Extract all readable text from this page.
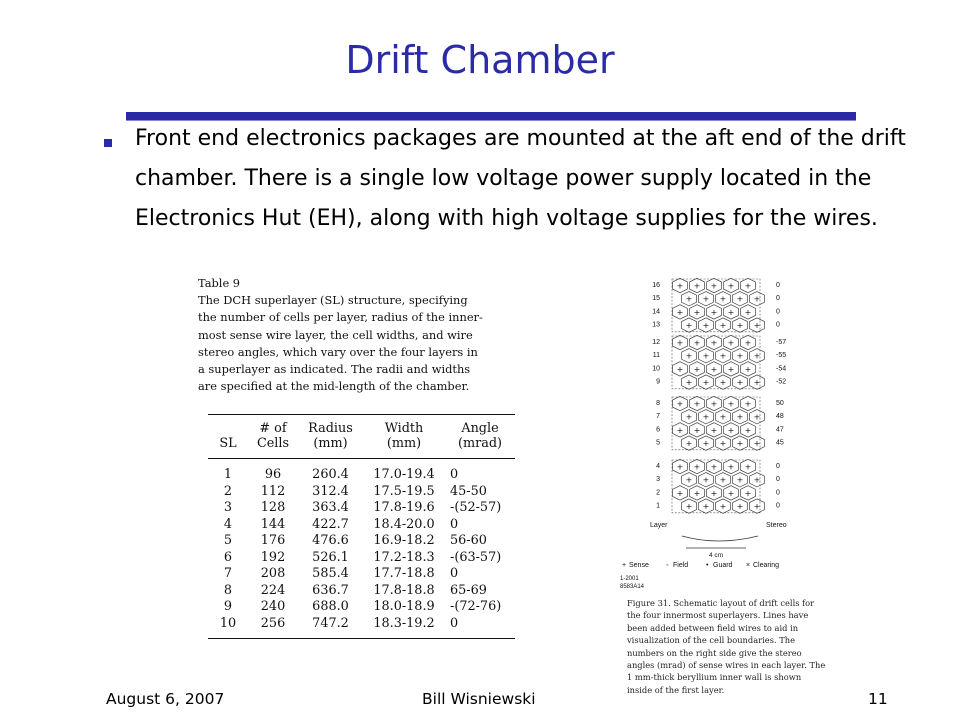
Drift Chamber
Front end electronics packages are mounted at the aft end of the drift chamber. There is a single low voltage power supply located in the Electronics Hut (EH), along with high voltage supplies for the wires.
Table 9
The DCH superlayer (SL) structure, specifying
the number of cells per layer, radius of the inner-
most sense wire layer, the cell widths, and wire
stereo angles, which vary over the four layers in
a superlayer as indicated. The radii and widths
are specified at the mid-length of the chamber.
	# of	Radius	Width	Angle
SL	Cells	(mm)	(mm)	(mrad)
1	96	260.4	17.0-19.4	0
2	112	312.4	17.5-19.5	45-50
3	128	363.4	17.8-19.6	-(52-57)
4	144	422.7	18.4-20.0	0
5	176	476.6	16.9-18.2	56-60
6	192	526.1	17.2-18.3	-(63-57)
7	208	585.4	17.7-18.8	0
8	224	636.7	17.8-18.8	65-69
9	240	688.0	18.0-18.9	-(72-76)
10	256	747.2	18.3-19.2	0
16	0
15	0
14	0
13	0
12	-57
11	-55
10	-54
9	-52
8	50
7	48
6	47
5	45
4	0
3	0
2	0
1	0
+ + + + +
+ + + + +
+ + + + +
+ + + + +
+ + + + +
+ + + + +
+ + + + +
+ + + + +
+ + + + +
+ + + + +
+ + + + +
+ + + + +
+ + + + +
+ + + + +
+ + + + +
+ + + + +
Layer	Stereo
4 cm
+ Sense ◦ Field	• Guard × Clearing
1-2001
8583A14
Figure 31. Schematic layout of drift cells for the four innermost superlayers. Lines have been added between field wires to aid in visualization of the cell boundaries. The numbers on the right side give the stereo angles (mrad) of sense wires in each layer. The 1 mm-thick beryllium inner wall is shown inside of the first layer.
August 6, 2007	Bill Wisniewski	11
